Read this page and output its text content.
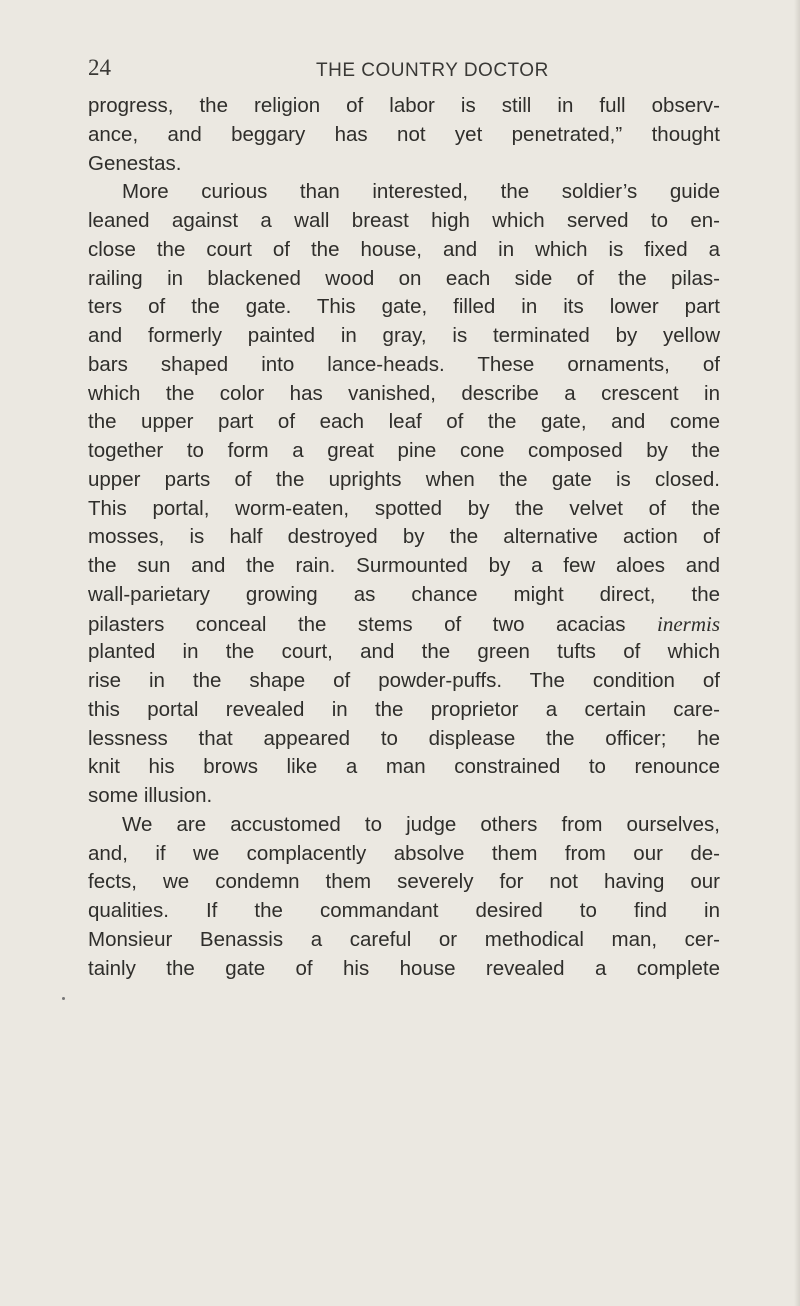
24	THE COUNTRY DOCTOR
progress, the religion of labor is still in full observ-
ance, and beggary has not yet penetrated,” thought
Genestas.
More curious than interested, the soldier’s guide
leaned against a wall breast high which served to en-
close the court of the house, and in which is fixed a
railing in blackened wood on each side of the pilas-
ters of the gate. This gate, filled in its lower part
and formerly painted in gray, is terminated by yellow
bars shaped into lance-heads. These ornaments, of
which the color has vanished, describe a crescent in
the upper part of each leaf of the gate, and come
together to form a great pine cone composed by the
upper parts of the uprights when the gate is closed.
This portal, worm-eaten, spotted by the velvet of the
mosses, is half destroyed by the alternative action of
the sun and the rain. Surmounted by a few aloes and
wall-parietary growing as chance might direct, the
pilasters conceal the stems of two acacias inermis
planted in the court, and the green tufts of which
rise in the shape of powder-puffs. The condition of
this portal revealed in the proprietor a certain care-
lessness that appeared to displease the officer; he
knit his brows like a man constrained to renounce
some illusion.
We are accustomed to judge others from ourselves,
and, if we complacently absolve them from our de-
fects, we condemn them severely for not having our
qualities. If the commandant desired to find in
Monsieur Benassis a careful or methodical man, cer-
tainly the gate of his house revealed a complete
